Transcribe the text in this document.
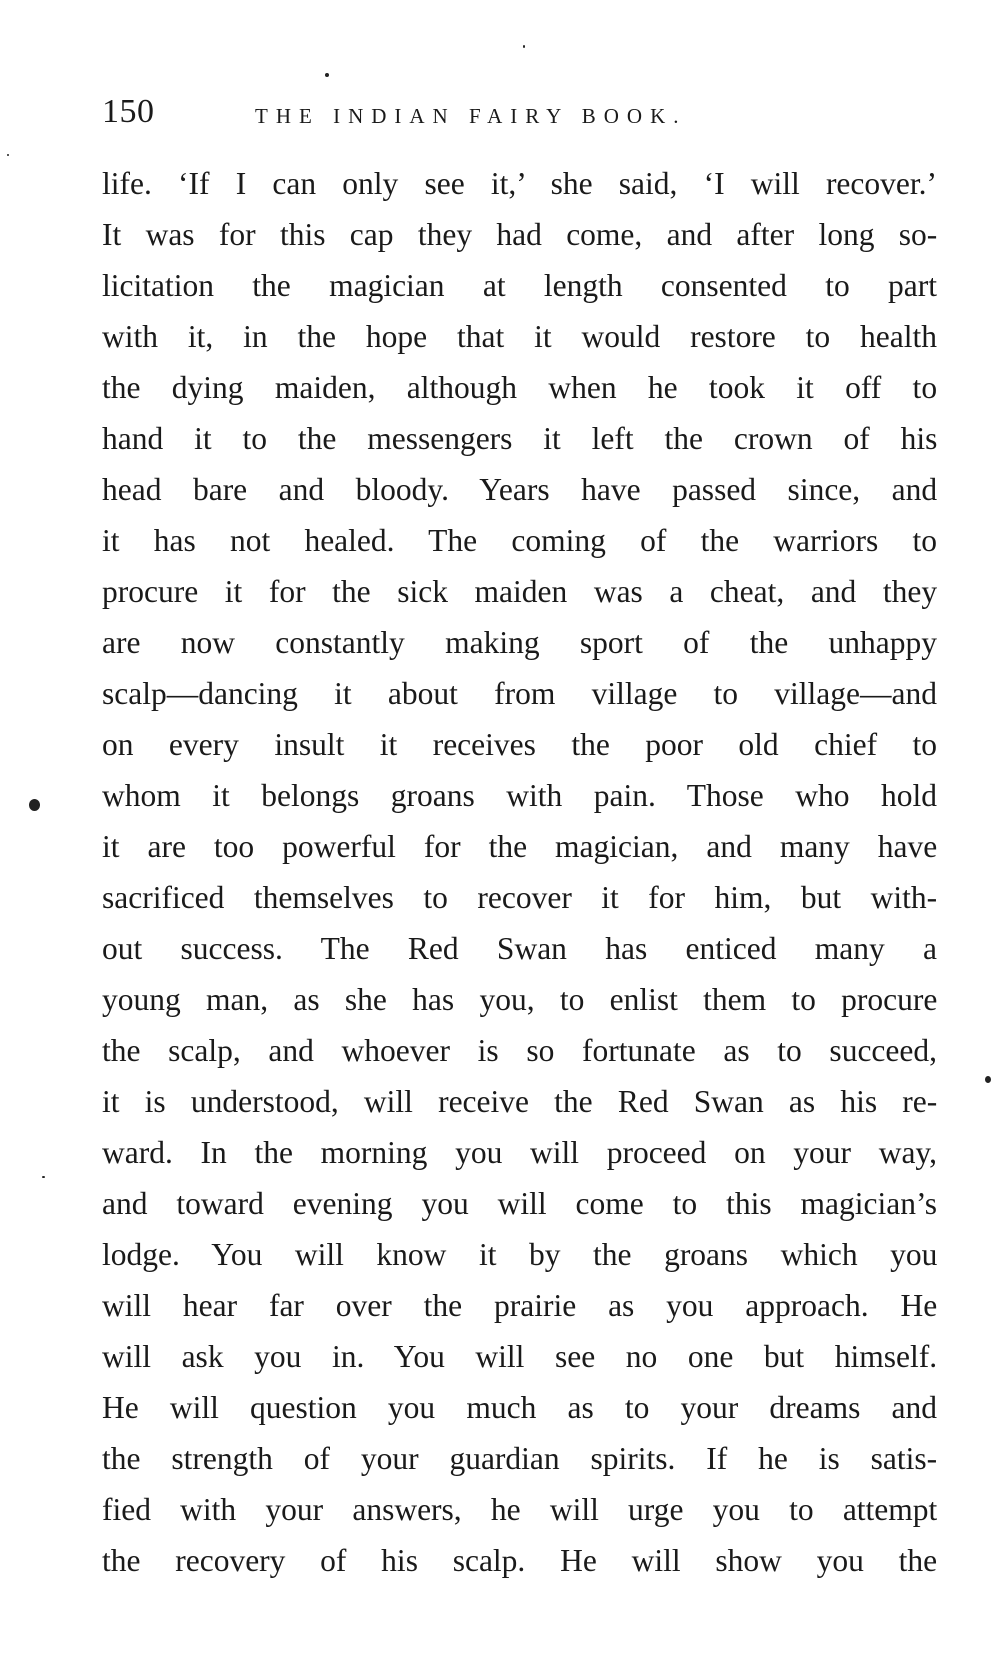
150	THE INDIAN FAIRY BOOK.
life. ‘If I can only see it,’ she said, ‘I will recover.’
It was for this cap they had come, and after long so-
licitation the magician at length consented to part
with it, in the hope that it would restore to health
the dying maiden, although when he took it off to
hand it to the messengers it left the crown of his
head bare and bloody. Years have passed since, and
it has not healed. The coming of the warriors to
procure it for the sick maiden was a cheat, and they
are now constantly making sport of the unhappy
scalp—dancing it about from village to village—and
on every insult it receives the poor old chief to
whom it belongs groans with pain. Those who hold
it are too powerful for the magician, and many have
sacrificed themselves to recover it for him, but with-
out success. The Red Swan has enticed many a
young man, as she has you, to enlist them to procure
the scalp, and whoever is so fortunate as to succeed,
it is understood, will receive the Red Swan as his re-
ward. In the morning you will proceed on your way,
and toward evening you will come to this magician’s
lodge. You will know it by the groans which you
will hear far over the prairie as you approach. He
will ask you in. You will see no one but himself.
He will question you much as to your dreams and
the strength of your guardian spirits. If he is satis-
fied with your answers, he will urge you to attempt
the recovery of his scalp. He will show you the
